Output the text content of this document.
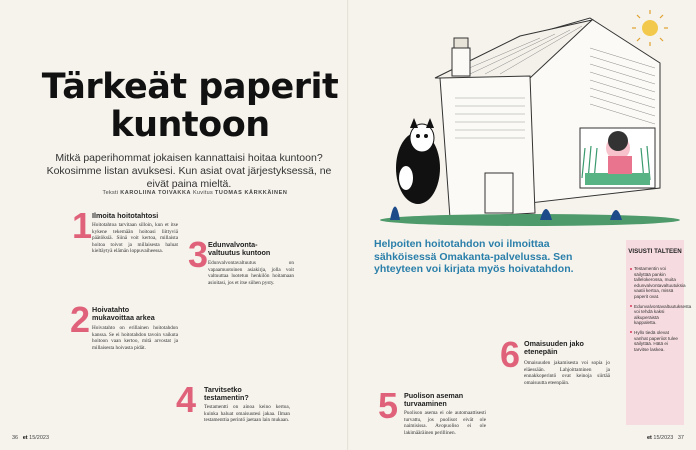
Tärkeät paperit
kuntoon
Mitkä paperihommat jokaisen kannattaisi hoitaa kuntoon? Kokosimme listan avuksesi. Kun asiat ovat järjestyksessä, ne eivät paina mieltä.
Teksti KAROLIINA TOIVAKKA Kuvitus TUOMAS KÄRKKÄINEN
1 Ilmoita hoitotahtosi
Hoitotahtoa tarvitaan silloin, kun et itse kykene tekemään hoitoasi liittyviä päätöksiä. Siinä voit kertoa, millaista hoitoa toivot ja millaisesta haluat kieltäytyä elämän loppuvaiheessa.
2 Hoivatahto mukavoittaa arkea
Hoivatahto on erillainen hoitotahdon kanssa. Se ei hoitotahdon tavoin vaikuta hoitoon vaan kertoo, mitä arvostat ja millaisesta hoivasta pidät.
3 Edunvalvonta-valtuutus kuntoon
Edunvalvontavaltuutus on vapaamuotoinen asiakirja, jolla voit valtuuttaa luotetun henkilön hoitamaan asioitasi, jos et itse siihen pysty.
4 Tarvitsetko testamentin?
Testamentti on ainoa keino kertoa, kuinka haluat omaisuutesi jakaa. Ilman testamenttia perintö jaetaan lain mukaan.
36 et 15/2023
Helpoiten hoitotahdon voi ilmoittaa sähköisessä Omakanta-palvelussa. Sen yhteyteen voi kirjata myös hoivatahdon.
5 Puolison aseman turvaaminen
Puolison asema ei ole automaattisesti turvattu, jos puolisot eivät ole naimisissa. Avopuoliso ei ole lakimääräinen perillinen.
6 Omaisuuden jako etenepäin
Omaisuuden jakamisesta voi sopia jo eläessään. Lahjoittaminen ja ennakkoperintö ovat keinoja siirtää omaisuutta eteenpäin.
VISUSTI TALTEEN
Testamentin voi säilyttää pankin tallelokerossa, muita edunvalvontavaltuutuksia vaatii kertoa, missä paperit ovat.
Edunvalvontavaltuutuksesta voi tehdä kaksi alkuperäistä kappaletta.
Hyllo tiedä olevat vanhat paperiiot tulee säilyttää. Hätä ei tarvitse laskea.
et 15/2023 37
